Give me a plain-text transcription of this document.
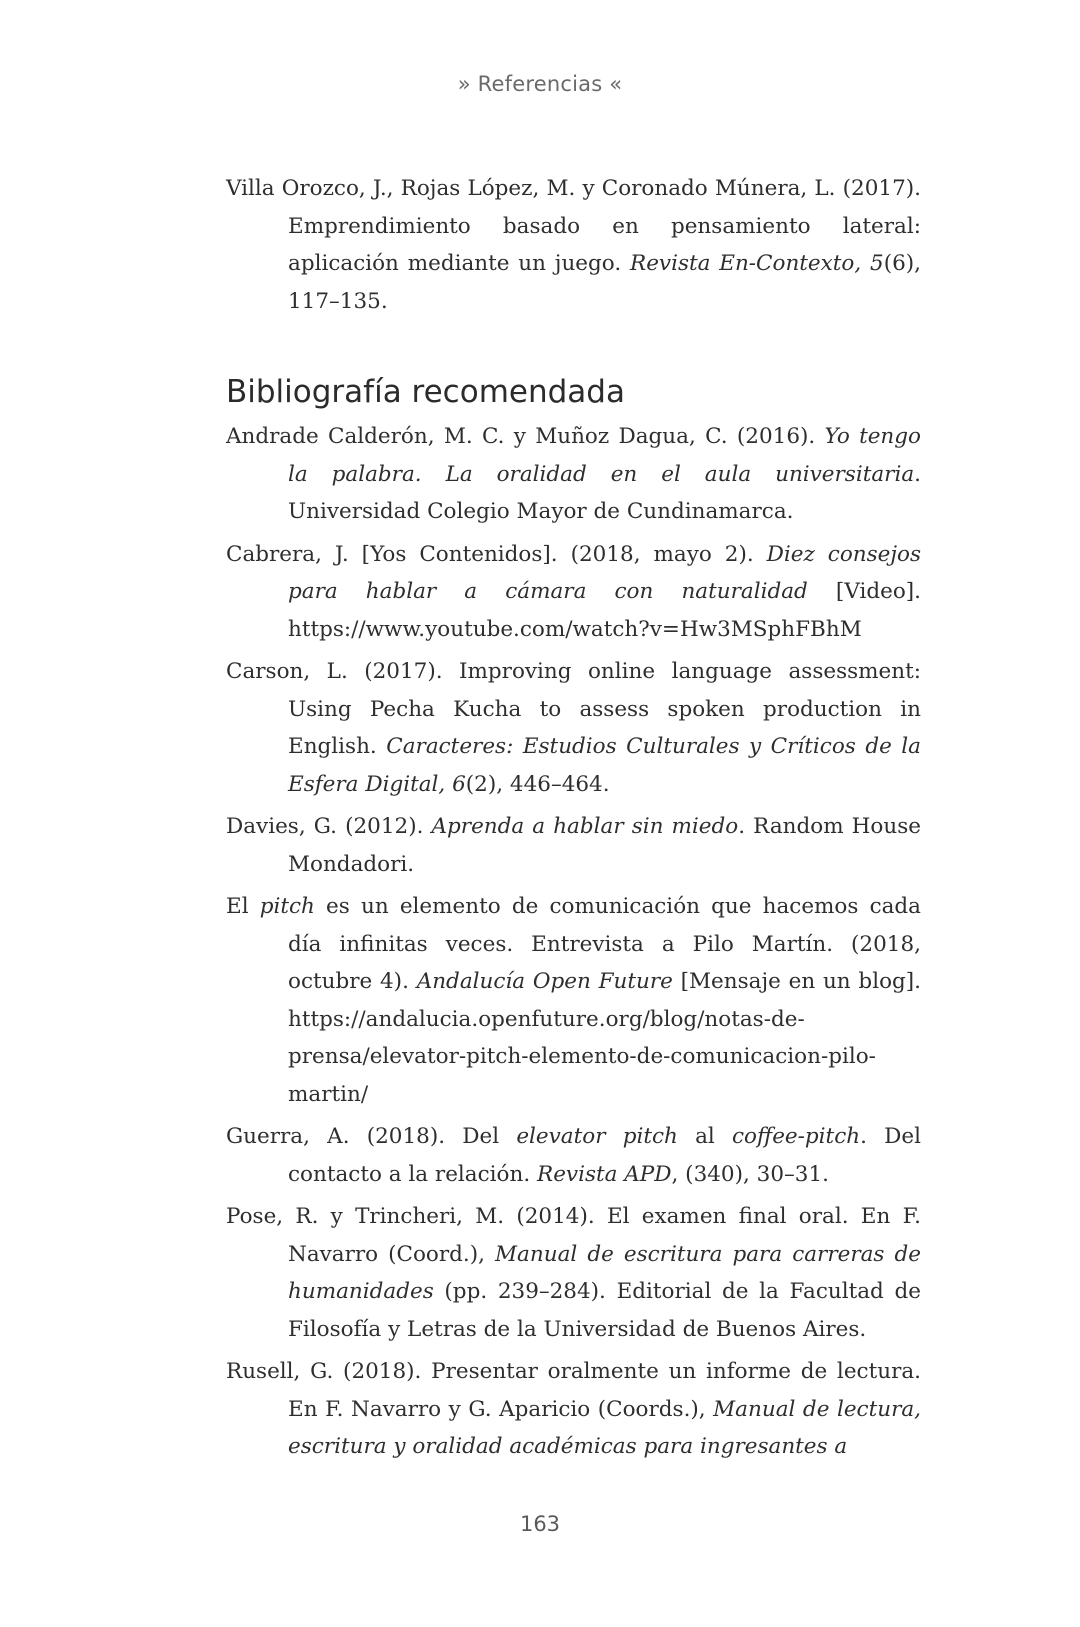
» Referencias «

Villa Orozco, J., Rojas López, M. y Coronado Múnera, L. (2017). Emprendimiento basado en pensamiento lateral: aplicación mediante un juego. Revista En-Contexto, 5(6), 117–135.

Bibliografía recomendada

Andrade Calderón, M. C. y Muñoz Dagua, C. (2016). Yo tengo la palabra. La oralidad en el aula universitaria. Universidad Colegio Mayor de Cundinamarca.

Cabrera, J. [Yos Contenidos]. (2018, mayo 2). Diez consejos para hablar a cámara con naturalidad [Video]. https://www.youtube.com/watch?v=Hw3MSphFBhM

Carson, L. (2017). Improving online language assessment: Using Pecha Kucha to assess spoken production in English. Caracteres: Estudios Culturales y Críticos de la Esfera Digital, 6(2), 446–464.

Davies, G. (2012). Aprenda a hablar sin miedo. Random House Mondadori.

El pitch es un elemento de comunicación que hacemos cada día infinitas veces. Entrevista a Pilo Martín. (2018, octubre 4). Andalucía Open Future [Mensaje en un blog]. https://andalucia.openfuture.org/blog/notas-de-prensa/elevator-pitch-elemento-de-comunicacion-pilo-martin/

Guerra, A. (2018). Del elevator pitch al coffee-pitch. Del contacto a la relación. Revista APD, (340), 30–31.

Pose, R. y Trincheri, M. (2014). El examen final oral. En F. Navarro (Coord.), Manual de escritura para carreras de humanidades (pp. 239–284). Editorial de la Facultad de Filosofía y Letras de la Universidad de Buenos Aires.

Rusell, G. (2018). Presentar oralmente un informe de lectura. En F. Navarro y G. Aparicio (Coords.), Manual de lectura, escritura y oralidad académicas para ingresantes a

163
